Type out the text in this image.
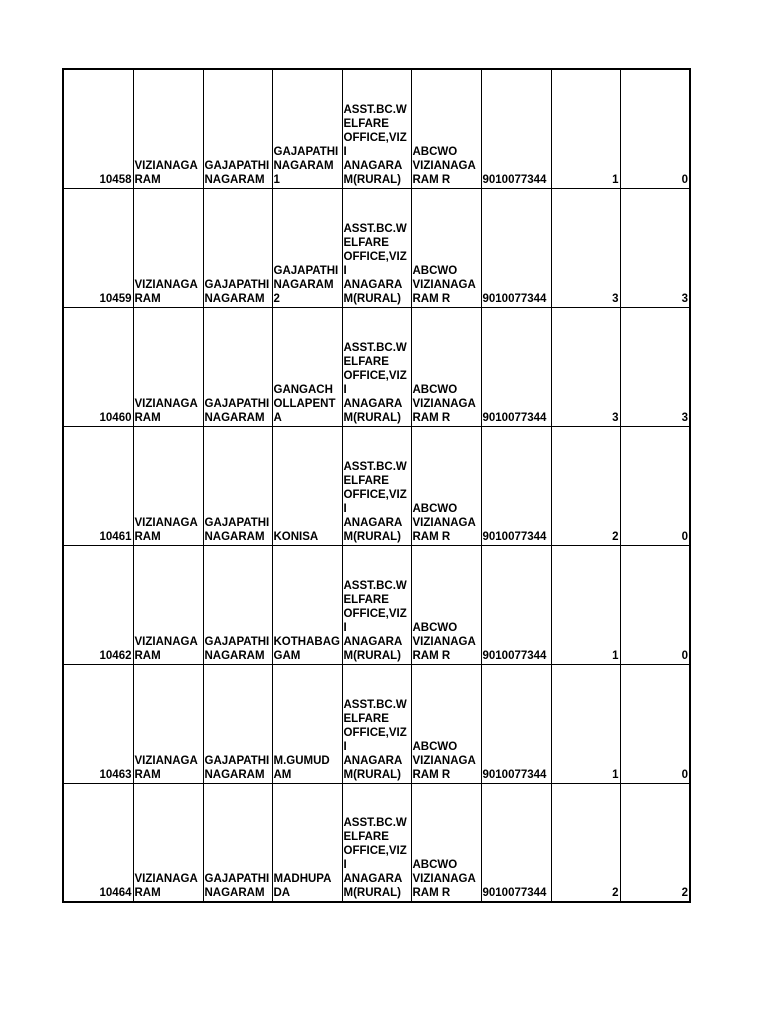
10458	VIZIANAGA
RAM	GAJAPATHI
NAGARAM	GAJAPATHI
NAGARAM
1	ASST.BC.W
ELFARE
OFFICE,VIZI
ANAGARA
M(RURAL)	ABCWO
VIZIANAGA
RAM R	9010077344	1	0
10459	VIZIANAGA
RAM	GAJAPATHI
NAGARAM	GAJAPATHI
NAGARAM
2	ASST.BC.W
ELFARE
OFFICE,VIZI
ANAGARA
M(RURAL)	ABCWO
VIZIANAGA
RAM R	9010077344	3	3
10460	VIZIANAGA
RAM	GAJAPATHI
NAGARAM	GANGACH
OLLAPENTA	ASST.BC.W
ELFARE
OFFICE,VIZI
ANAGARA
M(RURAL)	ABCWO
VIZIANAGA
RAM R	9010077344	3	3
10461	VIZIANAGA
RAM	GAJAPATHI
NAGARAM	KONISA	ASST.BC.W
ELFARE
OFFICE,VIZI
ANAGARA
M(RURAL)	ABCWO
VIZIANAGA
RAM R	9010077344	2	0
10462	VIZIANAGA
RAM	GAJAPATHI
NAGARAM	KOTHABAG
GAM	ASST.BC.W
ELFARE
OFFICE,VIZI
ANAGARA
M(RURAL)	ABCWO
VIZIANAGA
RAM R	9010077344	1	0
10463	VIZIANAGA
RAM	GAJAPATHI
NAGARAM	M.GUMUD
AM	ASST.BC.W
ELFARE
OFFICE,VIZI
ANAGARA
M(RURAL)	ABCWO
VIZIANAGA
RAM R	9010077344	1	0
10464	VIZIANAGA
RAM	GAJAPATHI
NAGARAM	MADHUPA
DA	ASST.BC.W
ELFARE
OFFICE,VIZI
ANAGARA
M(RURAL)	ABCWO
VIZIANAGA
RAM R	9010077344	2	2
